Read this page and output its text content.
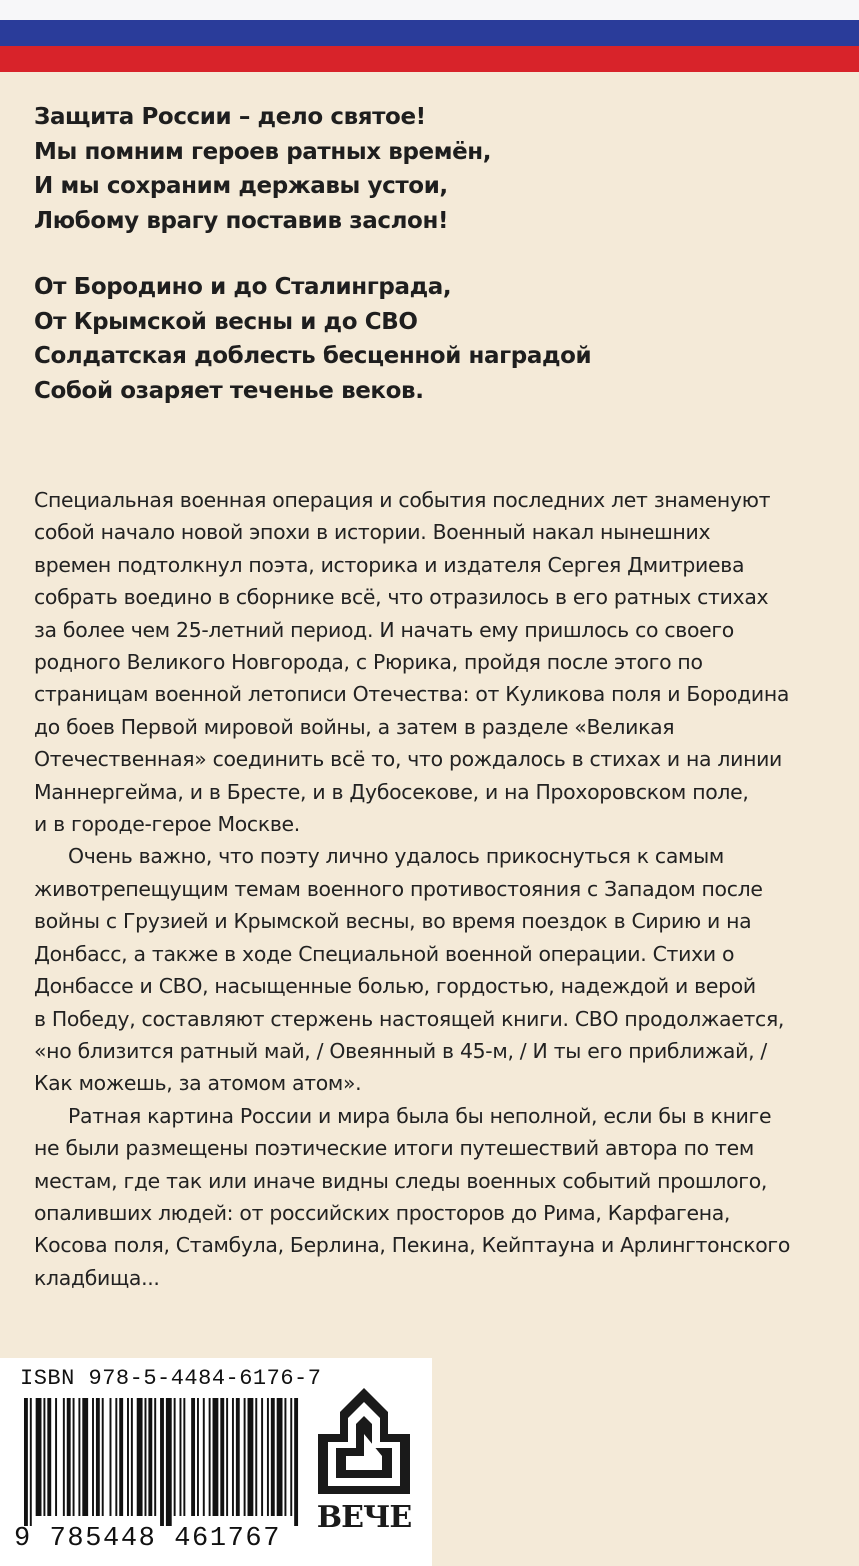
Защита России – дело святое!
Мы помним героев ратных времён,
И мы сохраним державы устои,
Любому врагу поставив заслон!
От Бородино и до Сталинграда,
От Крымской весны и до СВО
Солдатская доблесть бесценной наградой
Собой озаряет теченье веков.
Специальная военная операция и события последних лет знаменуют
собой начало новой эпохи в истории. Военный накал нынешних
времен подтолкнул поэта, историка и издателя Сергея Дмитриева
собрать воедино в сборнике всё, что отразилось в его ратных стихах
за более чем 25-летний период. И начать ему пришлось со своего
родного Великого Новгорода, с Рюрика, пройдя после этого по
страницам военной летописи Отечества: от Куликова поля и Бородина
до боев Первой мировой войны, а затем в разделе «Великая
Отечественная» соединить всё то, что рождалось в стихах и на линии
Маннергейма, и в Бресте, и в Дубосекове, и на Прохоровском поле,
и в городе-герое Москве.
Очень важно, что поэту лично удалось прикоснуться к самым
животрепещущим темам военного противостояния с Западом после
войны с Грузией и Крымской весны, во время поездок в Сирию и на
Донбасс, а также в ходе Специальной военной операции. Стихи о
Донбассе и СВО, насыщенные болью, гордостью, надеждой и верой
в Победу, составляют стержень настоящей книги. СВО продолжается,
«но близится ратный май, / Овеянный в 45-м, / И ты его приближай, /
Как можешь, за атомом атом».
Ратная картина России и мира была бы неполной, если бы в книге
не были размещены поэтические итоги путешествий автора по тем
местам, где так или иначе видны следы военных событий прошлого,
опаливших людей: от российских просторов до Рима, Карфагена,
Косова поля, Стамбула, Берлина, Пекина, Кейптауна и Арлингтонского
кладбища...
ISBN 978-5-4484-6176-7
9 785448 461767
ВЕЧЕ
